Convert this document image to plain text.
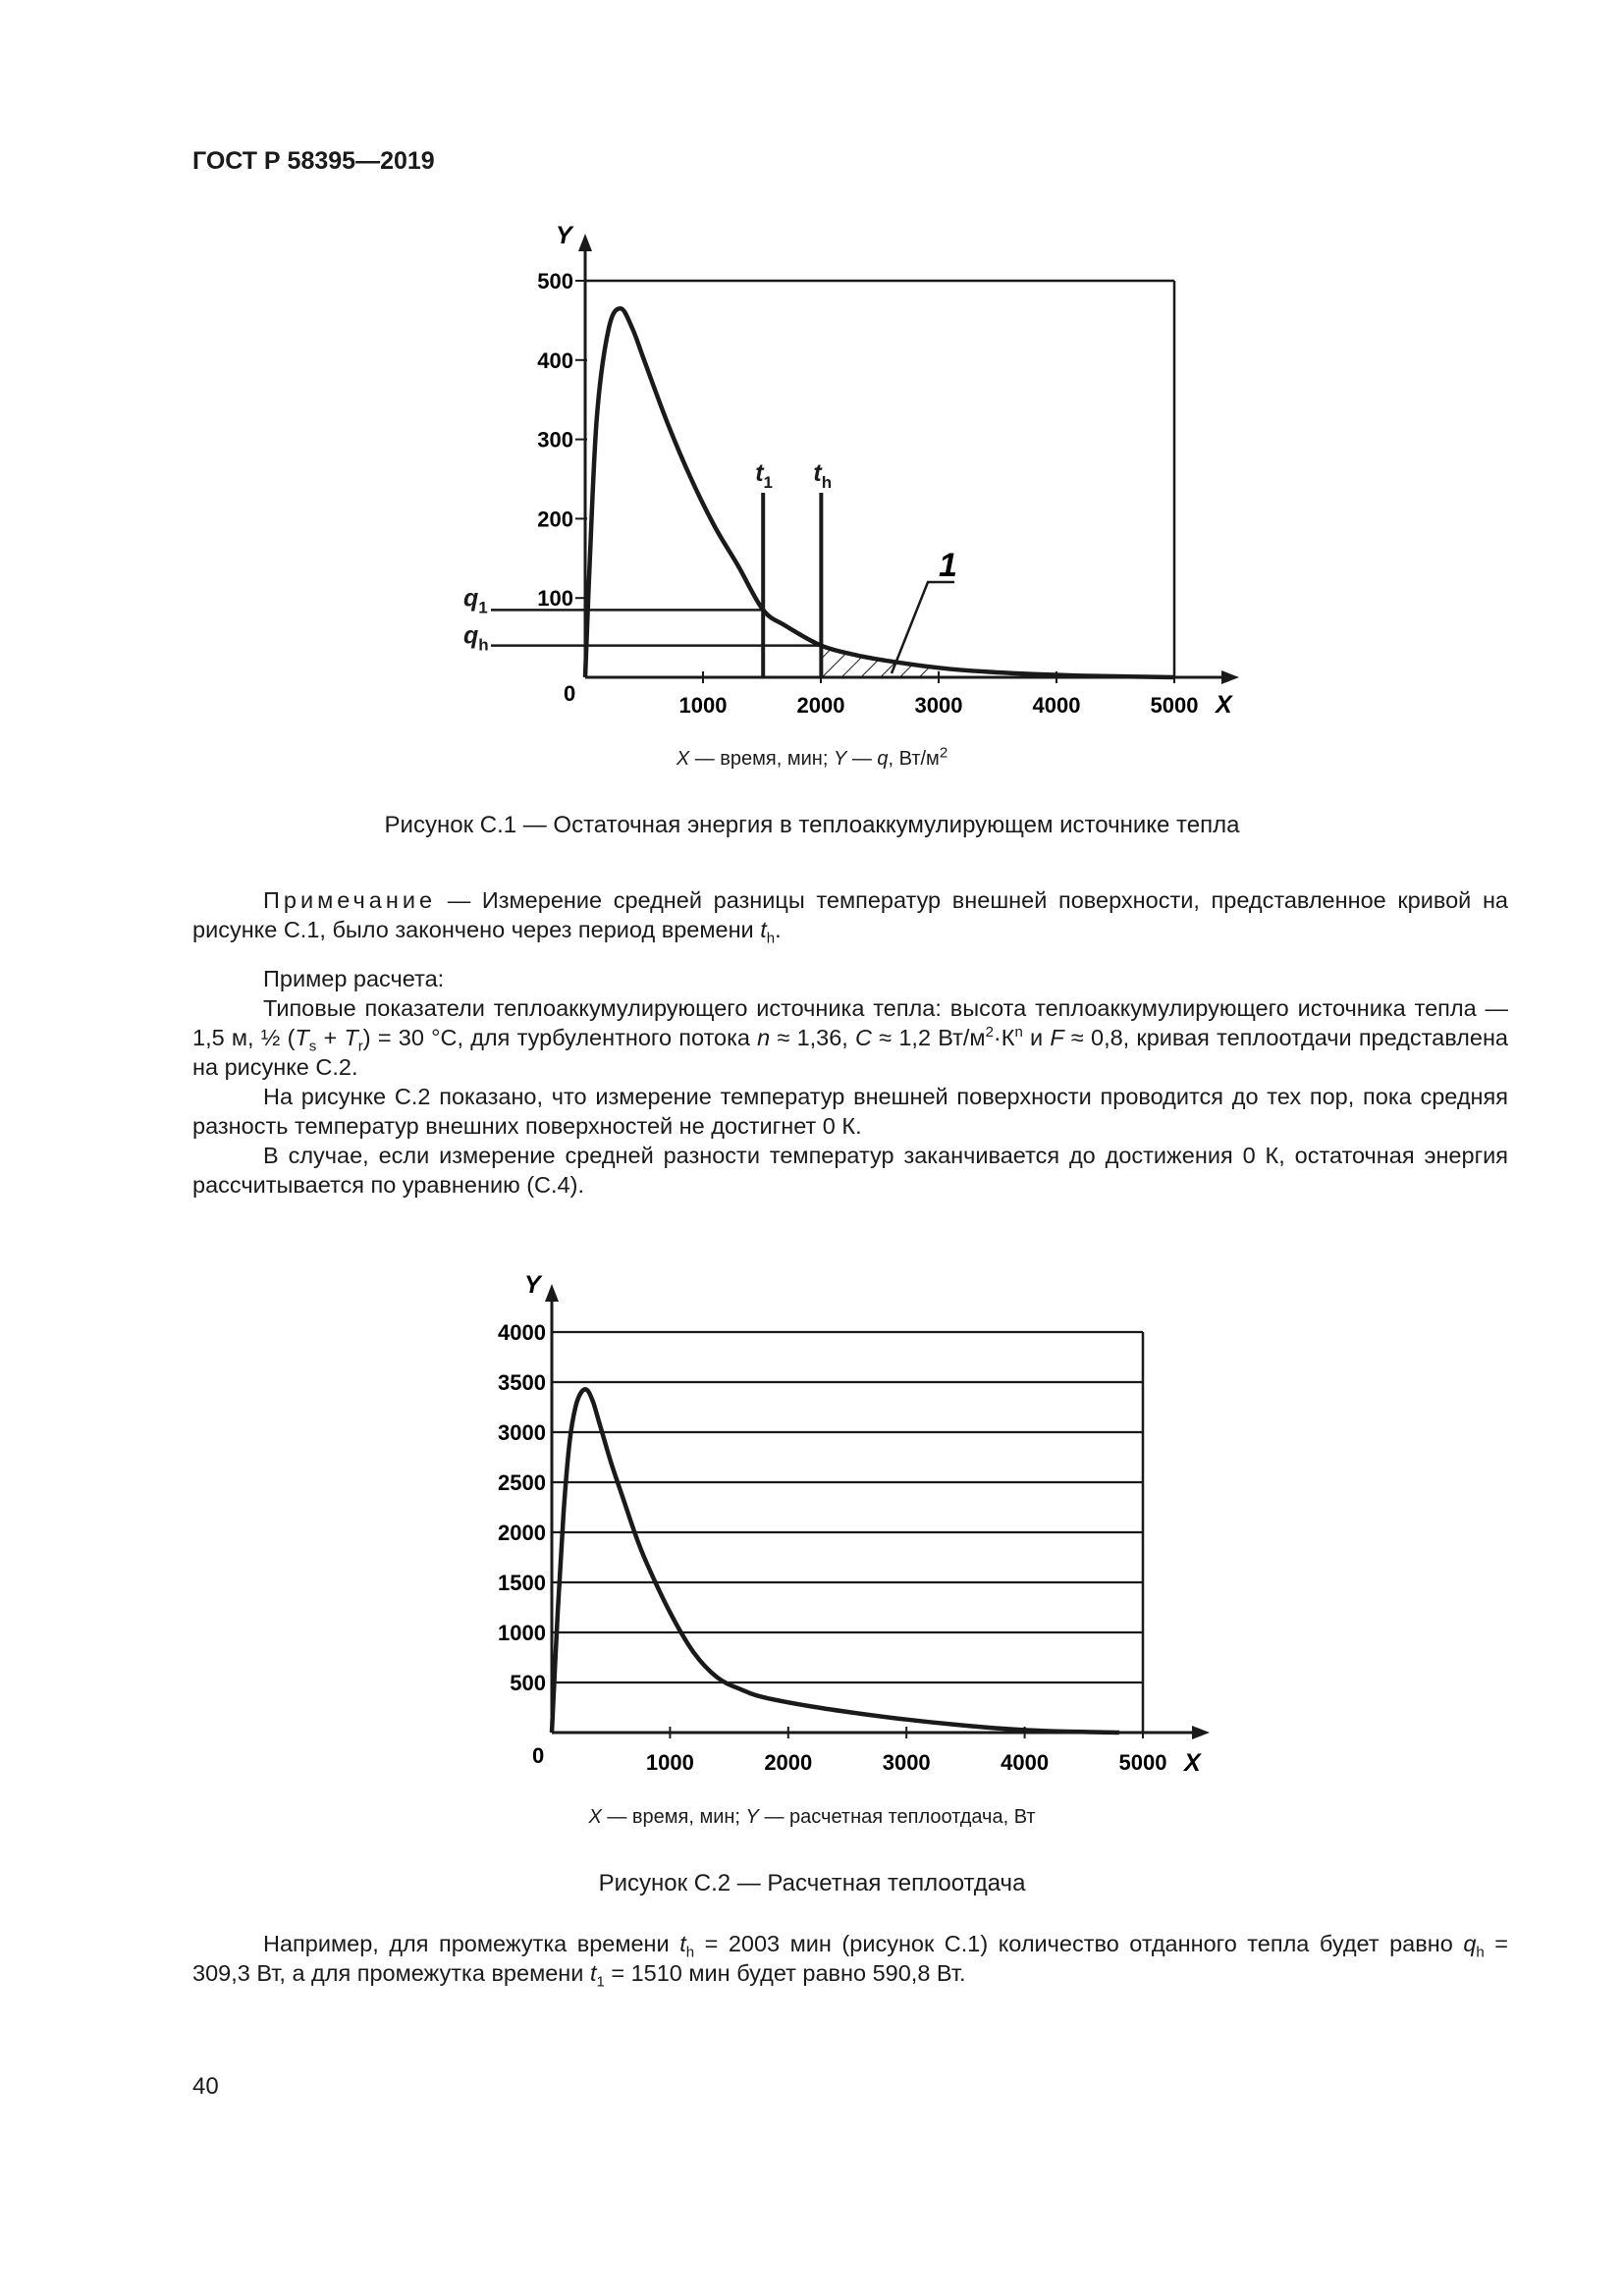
ГОСТ Р 58395—2019
X
Y
0	1000	2000	3000	4000	5000
100
200
300
400
500
$t_1$ $t_h$
$q_1$
$q_h$
1
X — время, мин; Y — q, $Вт/м^2$
Рисунок С.1 — Остаточная энергия в теплоаккумулирующем источнике тепла
Примечание — Измерение средней разницы температур внешней поверхности, представленное кривой на рисунке С.1, было закончено через период времени $t_h$.
Пример расчета:
Типовые показатели теплоаккумулирующего источника тепла: высота теплоаккумулирующего источника тепла — 1,5 м, ½ $(T_s + T_r) = 30$ °С, для турбулентного потока n ≈ 1,36, C ≈ 1,2 $Вт/м^2\cdot К^n$ и F ≈ 0,8, кривая теплоотдачи представлена на рисунке С.2.
На рисунке С.2 показано, что измерение температур внешней поверхности проводится до тех пор, пока средняя разность температур внешних поверхностей не достигнет 0 К.
В случае, если измерение средней разности температур заканчивается до достижения 0 К, остаточная энергия рассчитывается по уравнению (С.4).
500
1000
1500
2000
2500
3000
3500
4000
1000	2000	3000	4000	5000 X
Y
0
X — время, мин; Y — расчетная теплоотдача, Вт
Рисунок С.2 — Расчетная теплоотдача
Например, для промежутка времени $t_h = 2003$ мин (рисунок С.1) количество отданного тепла будет равно $q_h = 309,3$ Вт, а для промежутка времени $t_1 = 1510$ мин будет равно 590,8 Вт.
40
